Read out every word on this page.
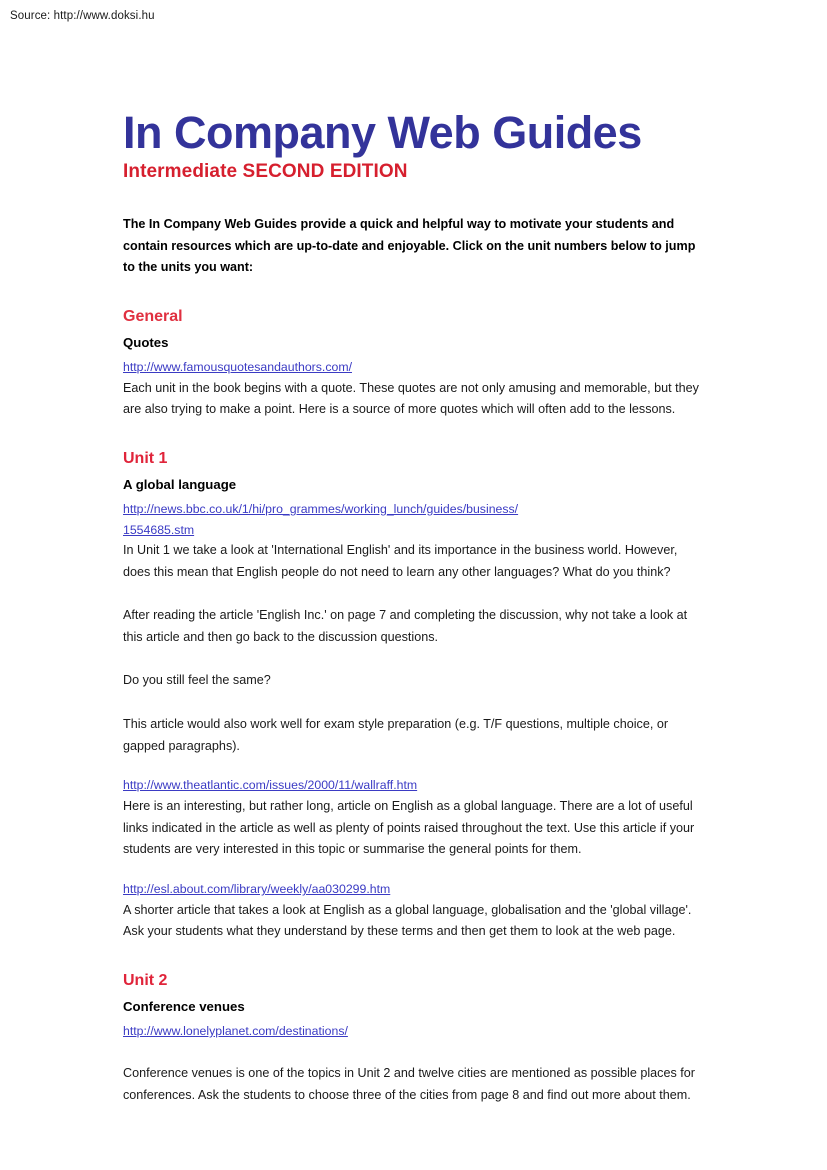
Source: http://www.doksi.hu
In Company Web Guides
Intermediate SECOND EDITION

The In Company Web Guides provide a quick and helpful way to motivate your students and contain resources which are up-to-date and enjoyable. Click on the unit numbers below to jump to the units you want:

General
Quotes
http://www.famousquotesandauthors.com/

Each unit in the book begins with a quote. These quotes are not only amusing and memorable, but they are also trying to make a point. Here is a source of more quotes which will often add to the lessons.

Unit 1
A global language
http://news.bbc.co.uk/1/hi/pro_grammes/working_lunch/guides/business/
1554685.stm

In Unit 1 we take a look at 'International English' and its importance in the business world. However, does this mean that English people do not need to learn any other languages? What do you think?

After reading the article 'English Inc.' on page 7 and completing the discussion, why not take a look at this article and then go back to the discussion questions.

Do you still feel the same?

This article would also work well for exam style preparation (e.g. T/F questions, multiple choice, or gapped paragraphs).

http://www.theatlantic.com/issues/2000/11/wallraff.htm

Here is an interesting, but rather long, article on English as a global language. There are a lot of useful links indicated in the article as well as plenty of points raised throughout the text. Use this article if your students are very interested in this topic or summarise the general points for them.

http://esl.about.com/library/weekly/aa030299.htm

A shorter article that takes a look at English as a global language, globalisation and the 'global village'. Ask your students what they understand by these terms and then get them to look at the web page.

Unit 2
Conference venues
http://www.lonelyplanet.com/destinations/

Conference venues is one of the topics in Unit 2 and twelve cities are mentioned as possible places for conferences. Ask the students to choose three of the cities from page 8 and find out more about them.
